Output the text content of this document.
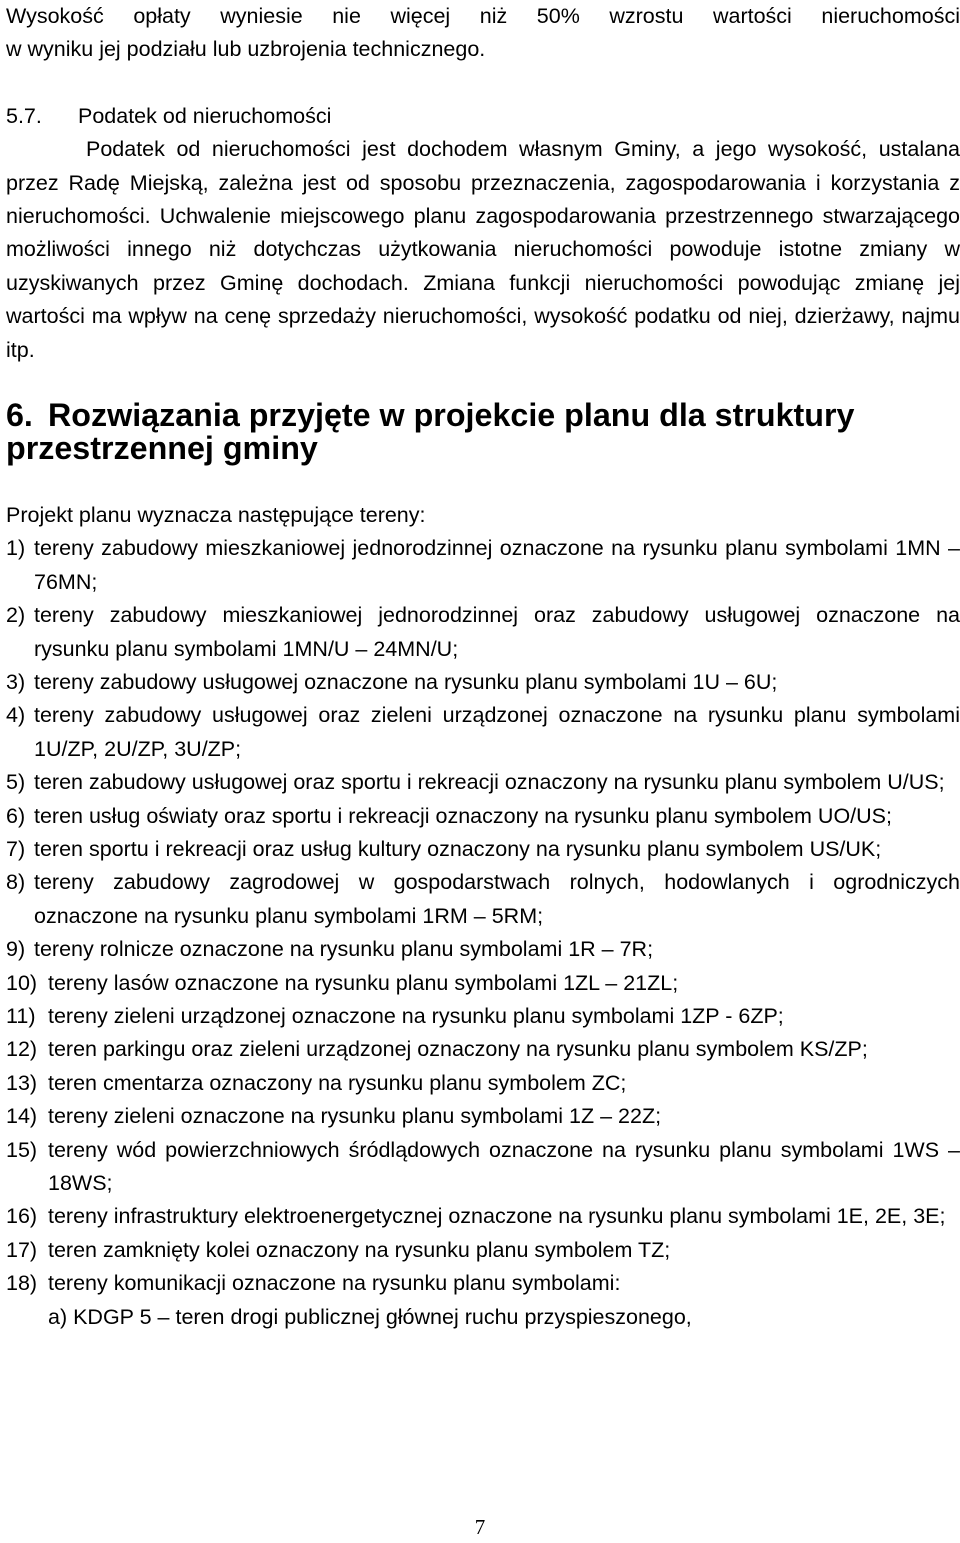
Wysokość opłaty wyniesie nie więcej niż 50% wzrostu wartości nieruchomości

w wyniku jej podziału lub uzbrojenia technicznego.

5.7. Podatek od nieruchomości

Podatek od nieruchomości jest dochodem własnym Gminy, a jego wysokość, ustalana przez Radę Miejską, zależna jest od sposobu przeznaczenia, zagospodarowania i korzystania z nieruchomości. Uchwalenie miejscowego planu zagospodarowania przestrzennego stwarzającego możliwości innego niż dotychczas użytkowania nieruchomości powoduje istotne zmiany w uzyskiwanych przez Gminę dochodach. Zmiana funkcji nieruchomości powodując zmianę jej wartości ma wpływ na cenę sprzedaży nieruchomości, wysokość podatku od niej, dzierżawy, najmu itp.

6. Rozwiązania przyjęte w projekcie planu dla struktury przestrzennej gminy

Projekt planu wyznacza następujące tereny:

1) tereny zabudowy mieszkaniowej jednorodzinnej oznaczone na rysunku planu symbolami 1MN – 76MN;
2) tereny zabudowy mieszkaniowej jednorodzinnej oraz zabudowy usługowej oznaczone na rysunku planu symbolami 1MN/U – 24MN/U;
3) tereny zabudowy usługowej oznaczone na rysunku planu symbolami 1U – 6U;
4) tereny zabudowy usługowej oraz zieleni urządzonej oznaczone na rysunku planu symbolami 1U/ZP, 2U/ZP, 3U/ZP;
5) teren zabudowy usługowej oraz sportu i rekreacji oznaczony na rysunku planu symbolem U/US;
6) teren usług oświaty oraz sportu i rekreacji oznaczony na rysunku planu symbolem UO/US;
7) teren sportu i rekreacji oraz usług kultury oznaczony na rysunku planu symbolem US/UK;
8) tereny zabudowy zagrodowej w gospodarstwach rolnych, hodowlanych i ogrodniczych oznaczone na rysunku planu symbolami 1RM – 5RM;
9) tereny rolnicze oznaczone na rysunku planu symbolami 1R – 7R;
10) tereny lasów oznaczone na rysunku planu symbolami 1ZL – 21ZL;
11) tereny zieleni urządzonej oznaczone na rysunku planu symbolami 1ZP - 6ZP;
12) teren parkingu oraz zieleni urządzonej oznaczony na rysunku planu symbolem KS/ZP;
13) teren cmentarza oznaczony na rysunku planu symbolem ZC;
14) tereny zieleni oznaczone na rysunku planu symbolami 1Z – 22Z;
15) tereny wód powierzchniowych śródlądowych oznaczone na rysunku planu symbolami 1WS – 18WS;
16) tereny infrastruktury elektroenergetycznej oznaczone na rysunku planu symbolami 1E, 2E, 3E;
17) teren zamknięty kolei oznaczony na rysunku planu symbolem TZ;
18) tereny komunikacji oznaczone na rysunku planu symbolami:

a) KDGP 5 – teren drogi publicznej głównej ruchu przyspieszonego,

7
